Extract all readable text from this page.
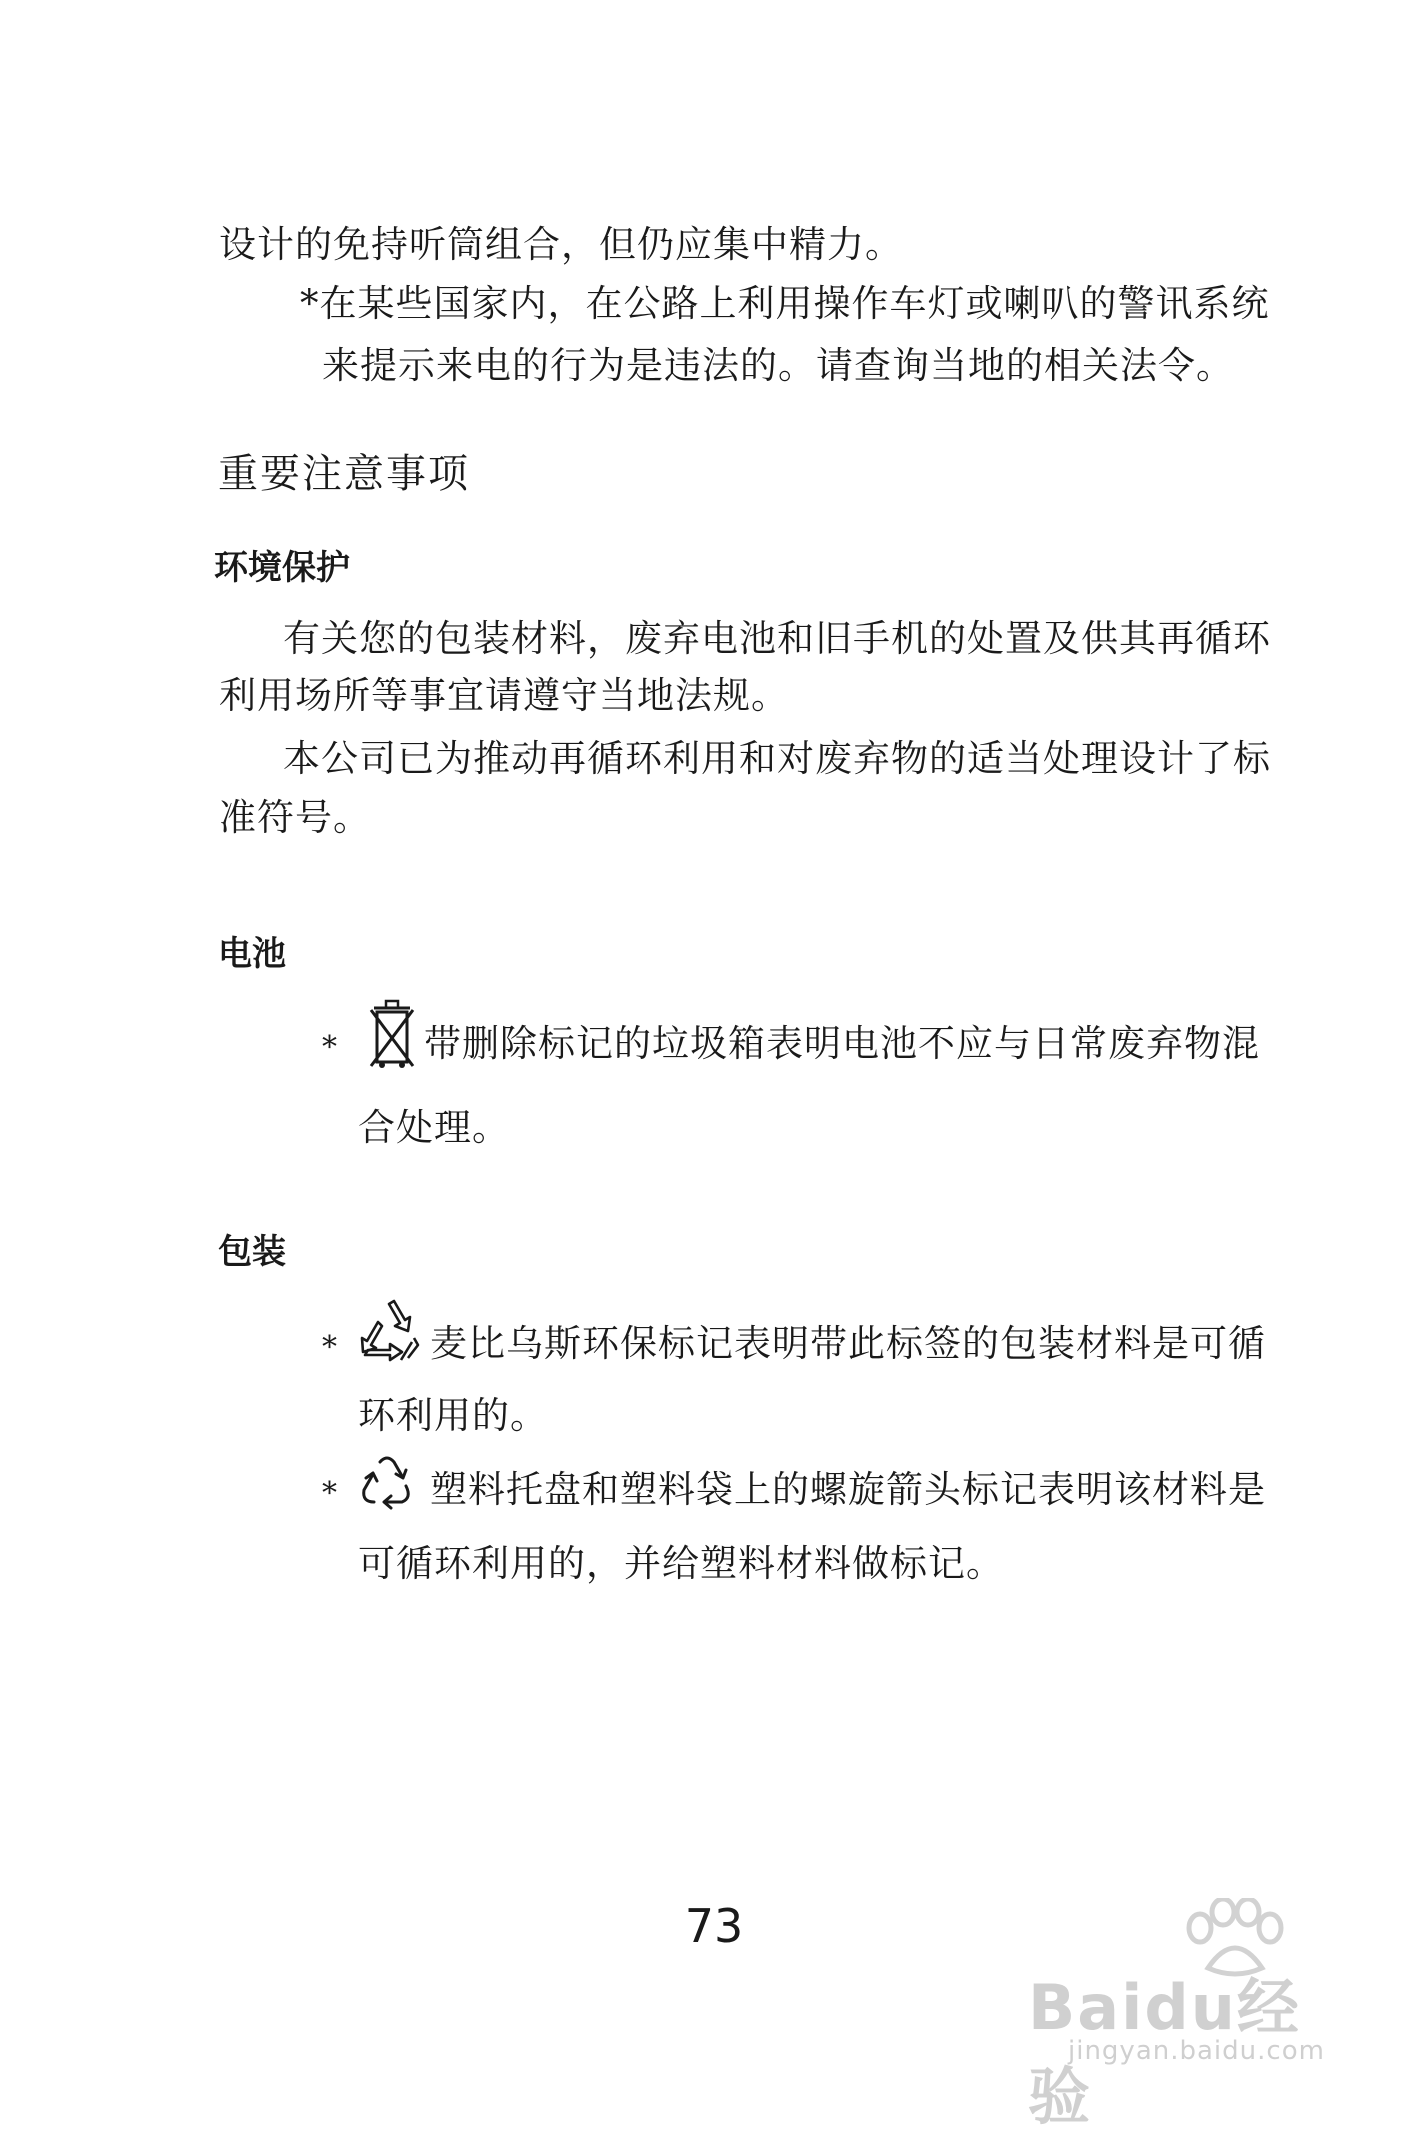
设计的免持听筒组合，但仍应集中精力。
*在某些国家内，在公路上利用操作车灯或喇叭的警讯系统
来提示来电的行为是违法的。请查询当地的相关法令。
重要注意事项
环境保护
有关您的包装材料，废弃电池和旧手机的处置及供其再循环
利用场所等事宜请遵守当地法规。
本公司已为推动再循环利用和对废弃物的适当处理设计了标
准符号。
电池
* 带删除标记的垃圾箱表明电池不应与日常废弃物混
合处理。
包装
*	麦比乌斯环保标记表明带此标签的包装材料是可循
环利用的。
*	塑料托盘和塑料袋上的螺旋箭头标记表明该材料是
可循环利用的，并给塑料材料做标记。
73
Baidu经验
jingyan.baidu.com
